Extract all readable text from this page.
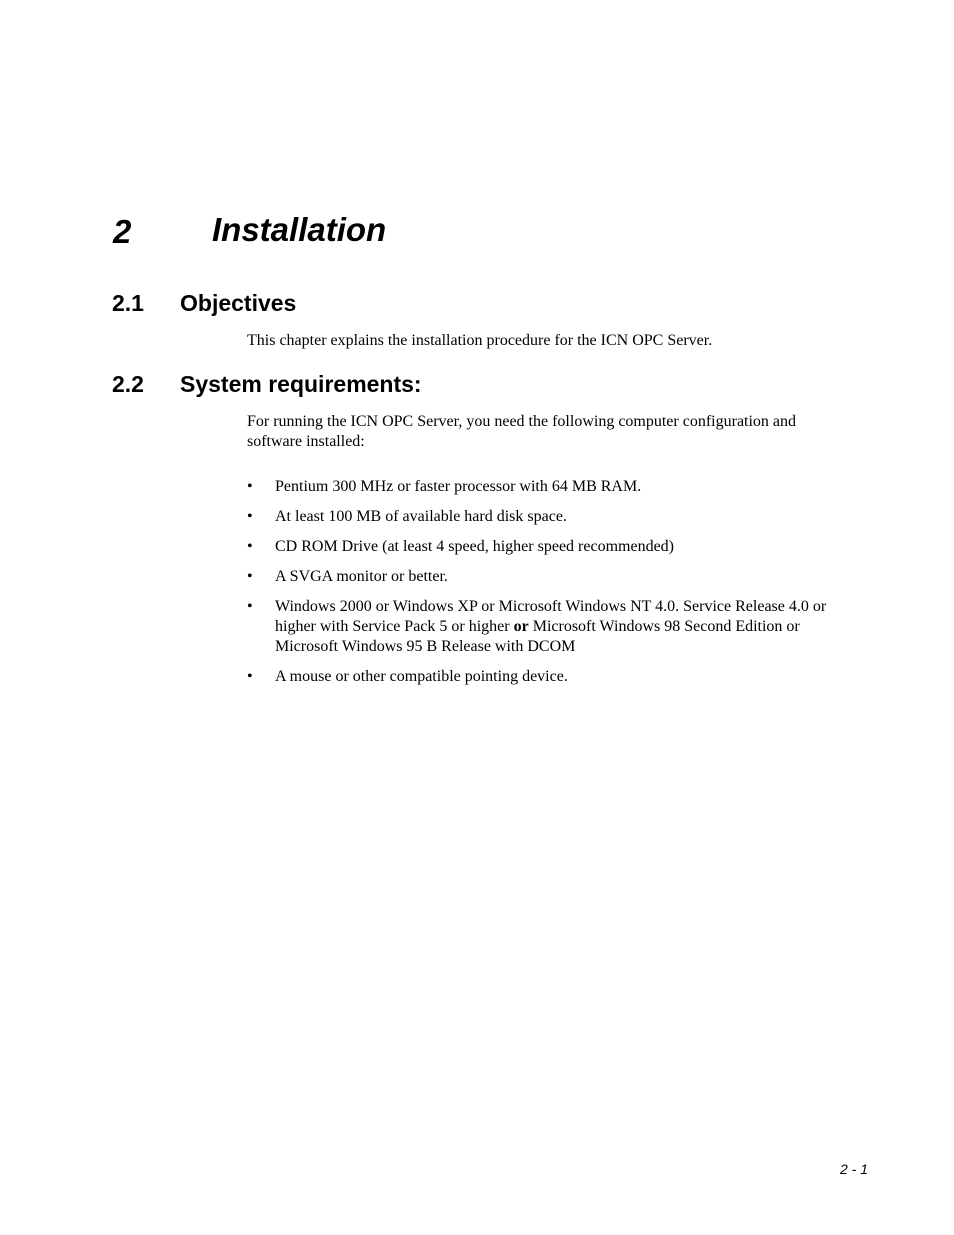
2 Installation
2.1 Objectives

This chapter explains the installation procedure for the ICN OPC Server.

2.2 System requirements:

For running the ICN OPC Server, you need the following computer configuration and software installed:

• Pentium 300 MHz or faster processor with 64 MB RAM.
• At least 100 MB of available hard disk space.
• CD ROM Drive (at least 4 speed, higher speed recommended)
• A SVGA monitor or better.
• Windows 2000 or Windows XP or Microsoft Windows NT 4.0. Service Release 4.0 or higher with Service Pack 5 or higher or Microsoft Windows 98 Second Edition or Microsoft Windows 95 B Release with DCOM
• A mouse or other compatible pointing device.
2 - 1
